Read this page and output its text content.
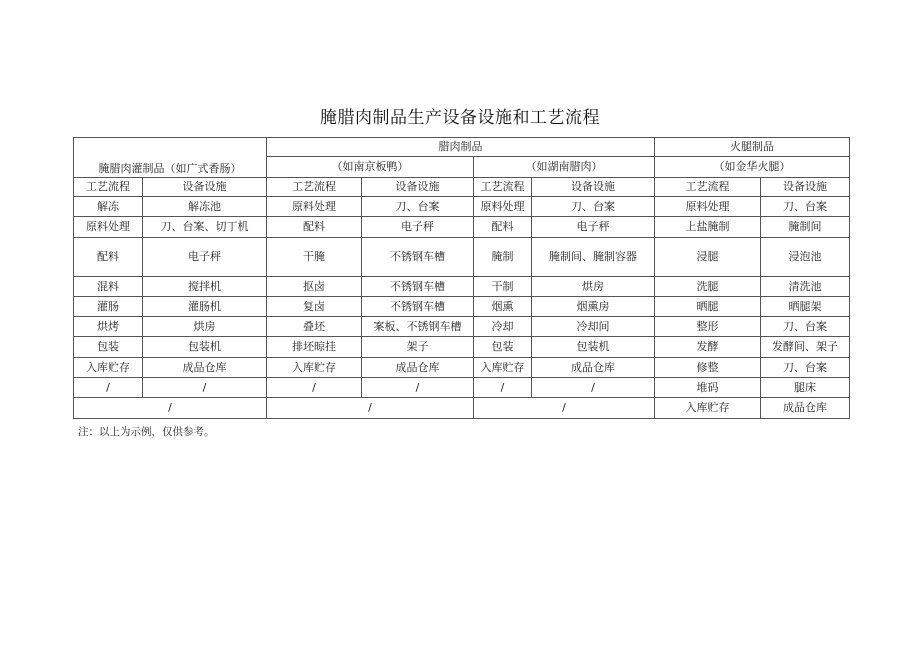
腌腊肉制品生产设备设施和工艺流程
腌腊肉灌制品（如广式香肠）		腊肉制品				火腿制品	
		（如南京板鸭）		（如湖南腊肉）		（如金华火腿）	
工艺流程	设备设施	工艺流程	设备设施	工艺流程	设备设施	工艺流程	设备设施
解冻	解冻池	原料处理	刀、台案	原料处理	刀、台案	原料处理	刀、台案
原料处理	刀、台案、切丁机	配料	电子秤	配料	电子秤	上盐腌制	腌制间
配料	电子秤	干腌	不锈钢车槽	腌制	腌制间、腌制容器	浸腿	浸泡池
混料	搅拌机	抠卤	不锈钢车槽	干制	烘房	洗腿	清洗池
灌肠	灌肠机	复卤	不锈钢车槽	烟熏	烟熏房	晒腿	晒腿架
烘烤	烘房	叠坯	案板、不锈钢车槽	冷却	冷却间	整形	刀、台案
包装	包装机	排坯晾挂	架子	包装	包装机	发酵	发酵间、架子
入库贮存	成品仓库	入库贮存	成品仓库	入库贮存	成品仓库	修整	刀、台案
/	/	/	/	/	/	堆码	腿床
/		/		/		入库贮存	成品仓库
注：以上为示例，仅供参考。
